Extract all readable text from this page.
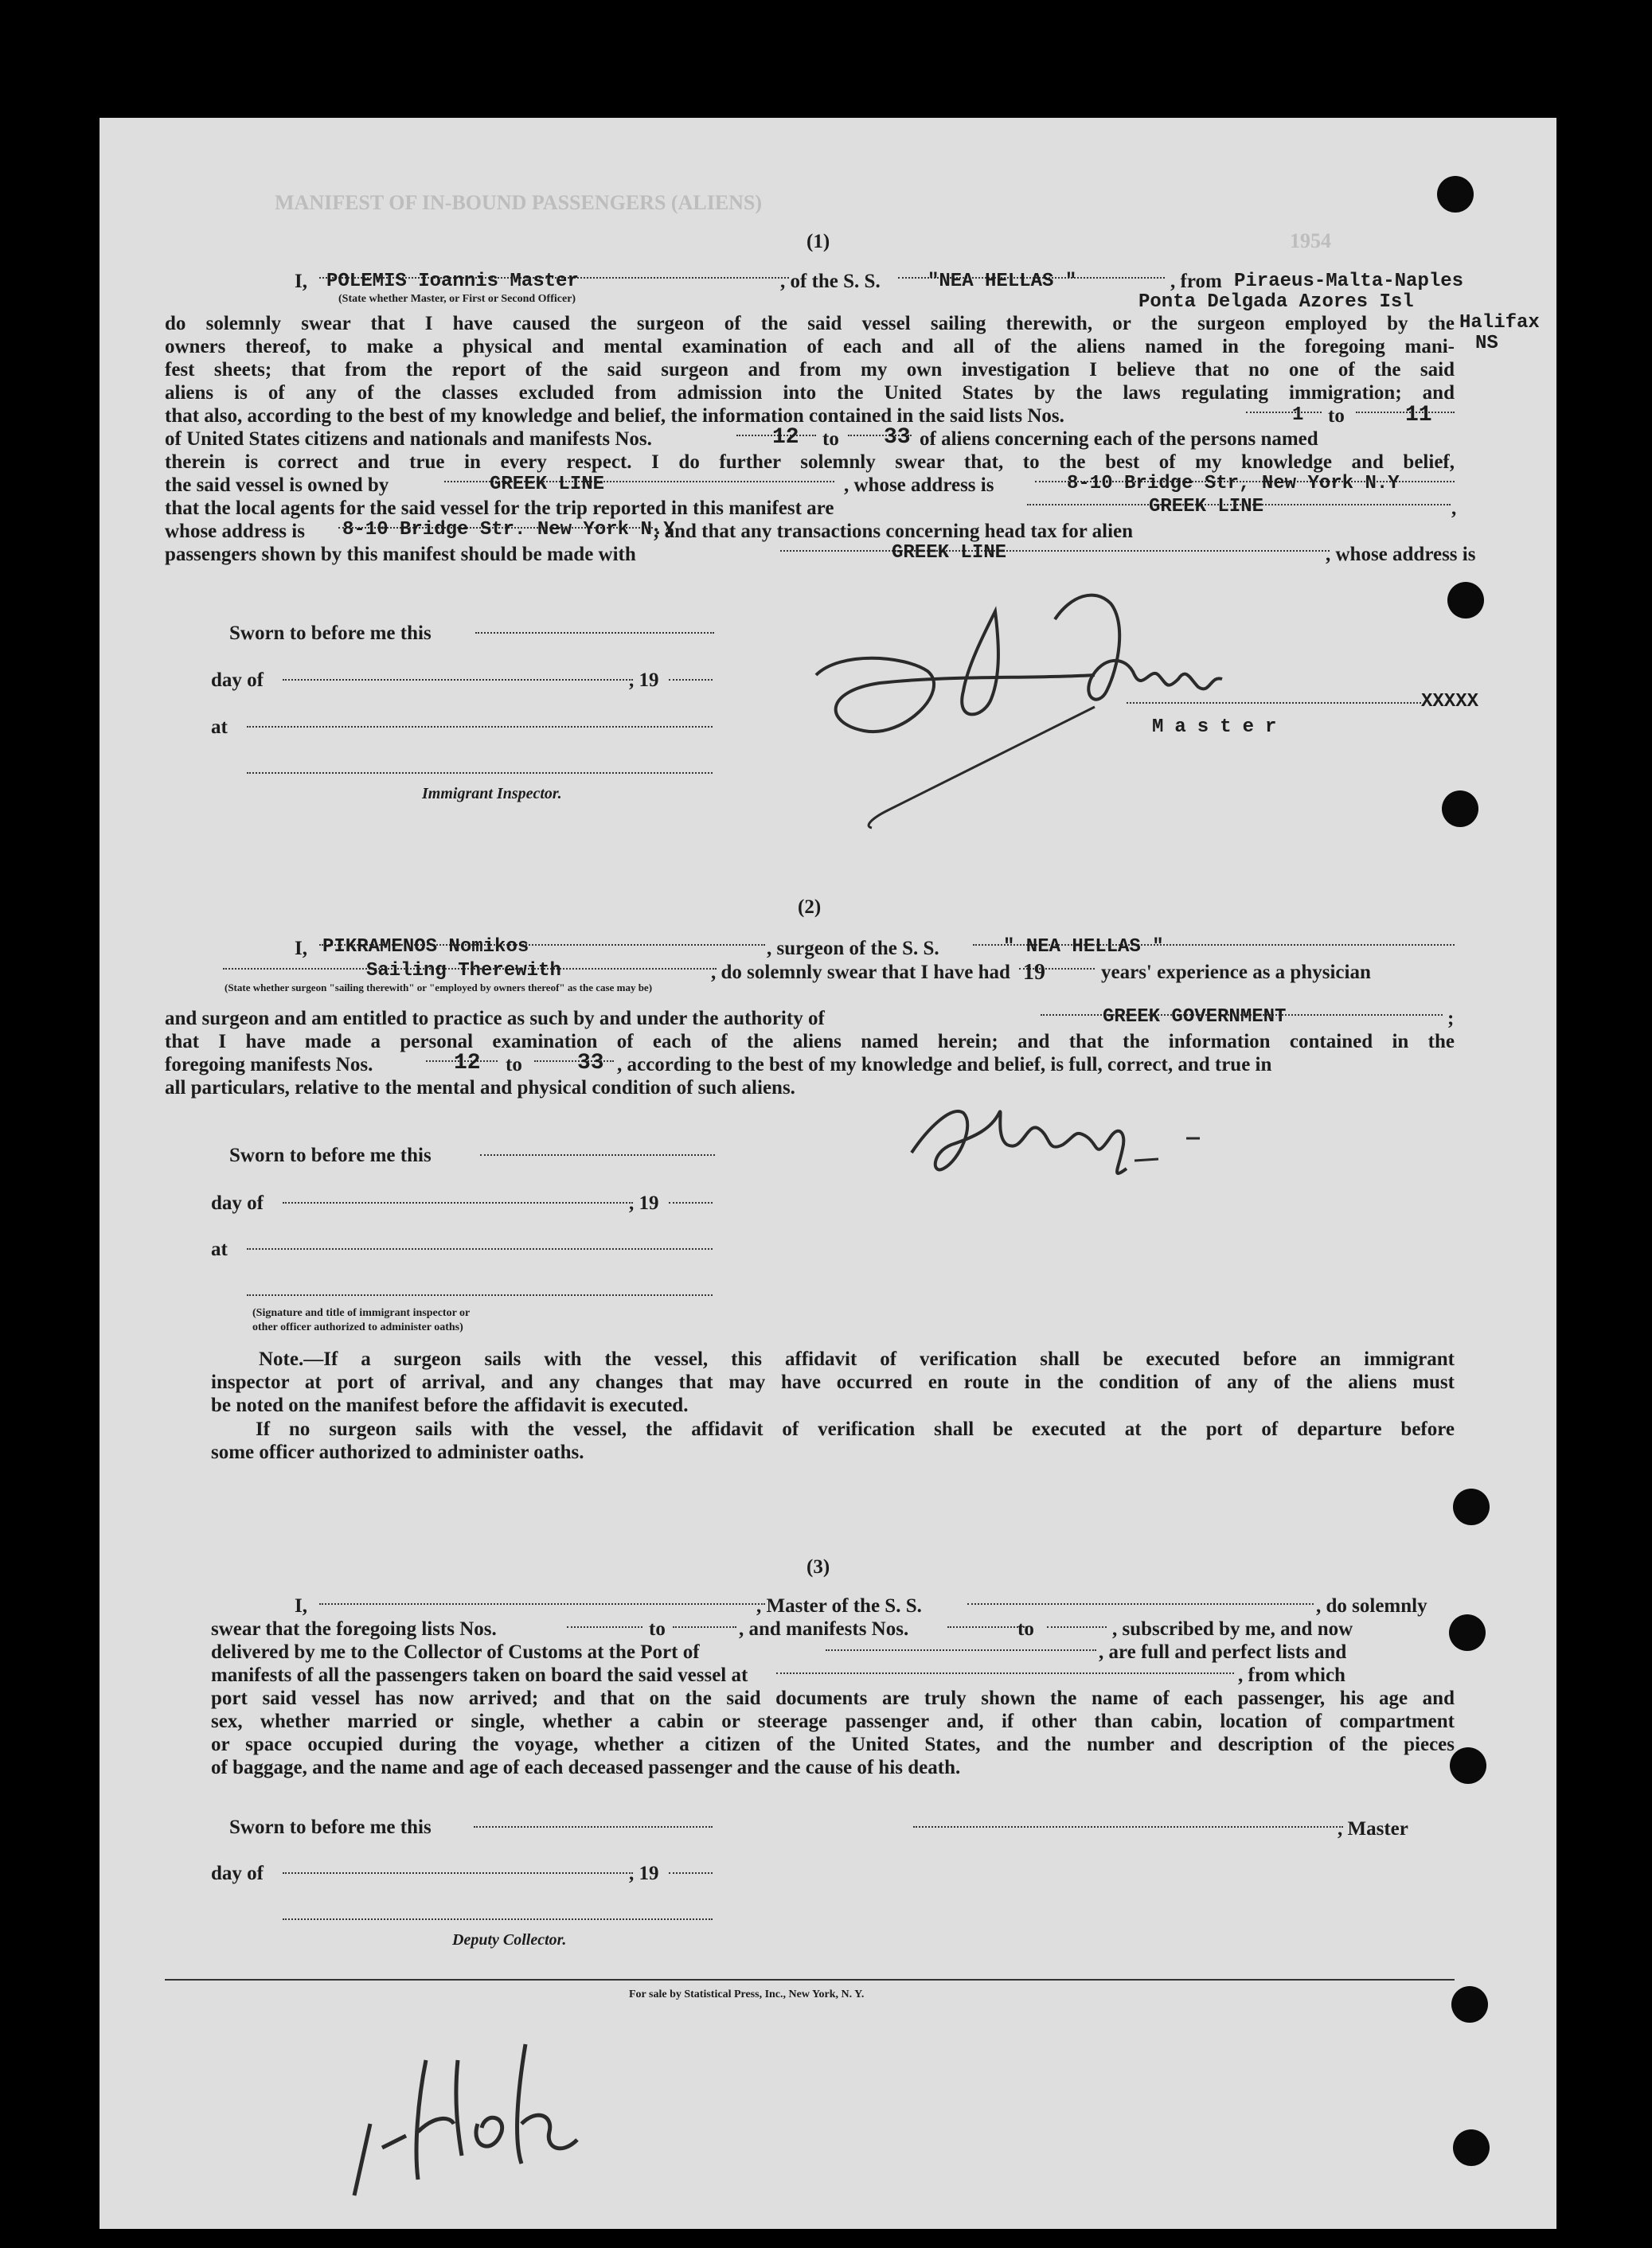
MANIFEST OF IN-BOUND PASSENGERS (ALIENS)
1954
(1)
I, POLEMIS Ioannis Master	, of the S. S. "NEA HELLAS "	, from Piraeus-Malta-Naples
(State whether Master, or First or Second Officer)	Ponta Delgada Azores Isl
Halifax
NS
do solemnly swear that I have caused the surgeon of the said vessel sailing therewith, or the surgeon employed by the
owners thereof, to make a physical and mental examination of each and all of the aliens named in the foregoing mani-
fest sheets; that from the report of the said surgeon and from my own investigation I believe that no one of the said
aliens is of any of the classes excluded from admission into the United States by the laws regulating immigration; and
that also, according to the best of my knowledge and belief, the information contained in the said lists Nos.	1 to	11
of United States citizens and nationals and manifests Nos.	12 to 33 of aliens concerning each of the persons named
therein is correct and true in every respect. I do further solemnly swear that, to the best of my knowledge and belief,
the said vessel is owned by	GREEK LINE	, whose address is	8-10 Bridge Str, New York N.Y
that the local agents for the said vessel for the trip reported in this manifest are	GREEK LINE	,
whose address is 8-10 Bridge Str. New York N.Y
; and that any transactions concerning head tax for alien
passengers shown by this manifest should be made with	GREEK LINE	, whose address is
Sworn to before me this
day of	, 19
at
Immigrant Inspector.
XXXXX
Master
(2)
I, PIKRAMENOS Nomikos	, surgeon of the S. S.	" NEA HELLAS "
Sailing Therewith	, do solemnly swear that I have had 19	years' experience as a physician
(State whether surgeon "sailing therewith" or "employed by owners thereof" as the case may be)
and surgeon and am entitled to practice as such by and under the authority of	GREEK GOVERNMENT	;
that I have made a personal examination of each of the aliens named herein; and that the information contained in the
foregoing manifests Nos.	12 to 33 , according to the best of my knowledge and belief, is full, correct, and true in
all particulars, relative to the mental and physical condition of such aliens.
Sworn to before me this
day of	, 19
at
(Signature and title of immigrant inspector or
other officer authorized to administer oaths)
Note.—If a surgeon sails with the vessel, this affidavit of verification shall be executed before an immigrant
inspector at port of arrival, and any changes that may have occurred en route in the condition of any of the aliens must
be noted on the manifest before the affidavit is executed.
If no surgeon sails with the vessel, the affidavit of verification shall be executed at the port of departure before
some officer authorized to administer oaths.
(3)
I,	, Master of the S. S.	, do solemnly
swear that the foregoing lists Nos.	to	, and manifests Nos.	to	, subscribed by me, and now
delivered by me to the Collector of Customs at the Port of	, are full and perfect lists and
manifests of all the passengers taken on board the said vessel at	, from which
port said vessel has now arrived; and that on the said documents are truly shown the name of each passenger, his age and
sex, whether married or single, whether a cabin or steerage passenger and, if other than cabin, location of compartment
or space occupied during the voyage, whether a citizen of the United States, and the number and description of the pieces
of baggage, and the name and age of each deceased passenger and the cause of his death.
Sworn to before me this	, Master
day of	, 19
Deputy Collector.
For sale by Statistical Press, Inc., New York, N. Y.
